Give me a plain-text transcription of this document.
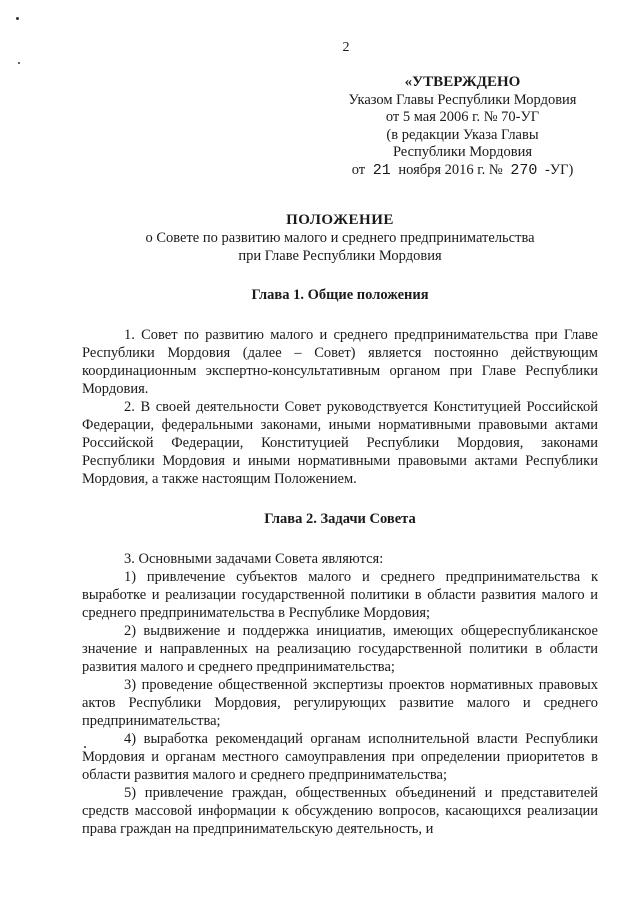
2
«УТВЕРЖДЕНО
Указом Главы Республики Мордовия
от 5 мая 2006 г. № 70-УГ
(в редакции Указа Главы
Республики Мордовия
от 21 ноября 2016 г. № 270 -УГ)
ПОЛОЖЕНИЕ
о Совете по развитию малого и среднего предпринимательства
при Главе Республики Мордовия
Глава 1. Общие положения

1. Совет по развитию малого и среднего предпринимательства при Главе Республики Мордовия (далее – Совет) является постоянно действующим координационным экспертно-консультативным органом при Главе Республики Мордовия.

2. В своей деятельности Совет руководствуется Конституцией Российской Федерации, федеральными законами, иными нормативными правовыми актами Российской Федерации, Конституцией Республики Мордовия, законами Республики Мордовия и иными нормативными правовыми актами Республики Мордовия, а также настоящим Положением.

Глава 2. Задачи Совета

3. Основными задачами Совета являются:

1) привлечение субъектов малого и среднего предпринимательства к выработке и реализации государственной политики в области развития малого и среднего предпринимательства в Республике Мордовия;

2) выдвижение и поддержка инициатив, имеющих общереспубликанское значение и направленных на реализацию государственной политики в области развития малого и среднего предпринимательства;

3) проведение общественной экспертизы проектов нормативных правовых актов Республики Мордовия, регулирующих развитие малого и среднего предпринимательства;

4) выработка рекомендаций органам исполнительной власти Республики Мордовия и органам местного самоуправления при определении приоритетов в области развития малого и среднего предпринимательства;

5) привлечение граждан, общественных объединений и представителей средств массовой информации к обсуждению вопросов, касающихся реализации права граждан на предпринимательскую деятельность, и
